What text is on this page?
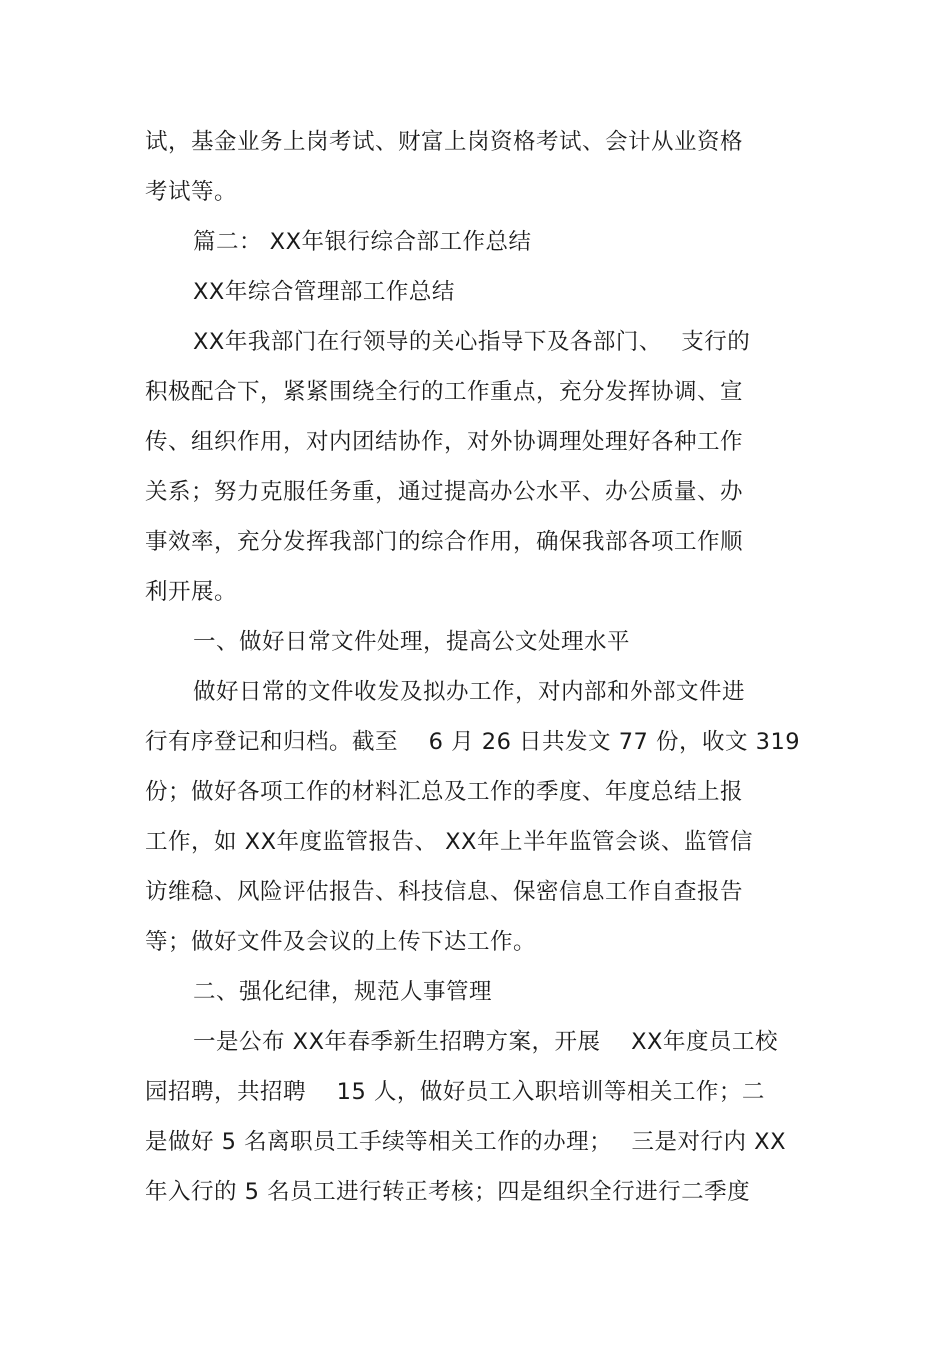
试，基金业务上岗考试、财富上岗资格考试、会计从业资格
考试等。
篇二： XX年银行综合部工作总结
XX年综合管理部工作总结
XX年我部门在行领导的关心指导下及各部门、　 支行的
积极配合下，紧紧围绕全行的工作重点，充分发挥协调、宣
传、组织作用，对内团结协作，对外协调理处理好各种工作
关系；努力克服任务重，通过提高办公水平、办公质量、办
事效率，充分发挥我部门的综合作用，确保我部各项工作顺
利开展。
一、做好日常文件处理，提高公文处理水平
做好日常的文件收发及拟办工作，对内部和外部文件进
行有序登记和归档。截至　 6 月 26 日共发文 77 份，收文 319
份；做好各项工作的材料汇总及工作的季度、年度总结上报
工作，如 XX年度监管报告、 XX年上半年监管会谈、监管信
访维稳、风险评估报告、科技信息、保密信息工作自查报告
等；做好文件及会议的上传下达工作。
二、强化纪律，规范人事管理
一是公布 XX年春季新生招聘方案，开展　 XX年度员工校
园招聘，共招聘　 15 人，做好员工入职培训等相关工作；二
是做好 5 名离职员工手续等相关工作的办理；　 三是对行内 XX
年入行的 5 名员工进行转正考核；四是组织全行进行二季度
